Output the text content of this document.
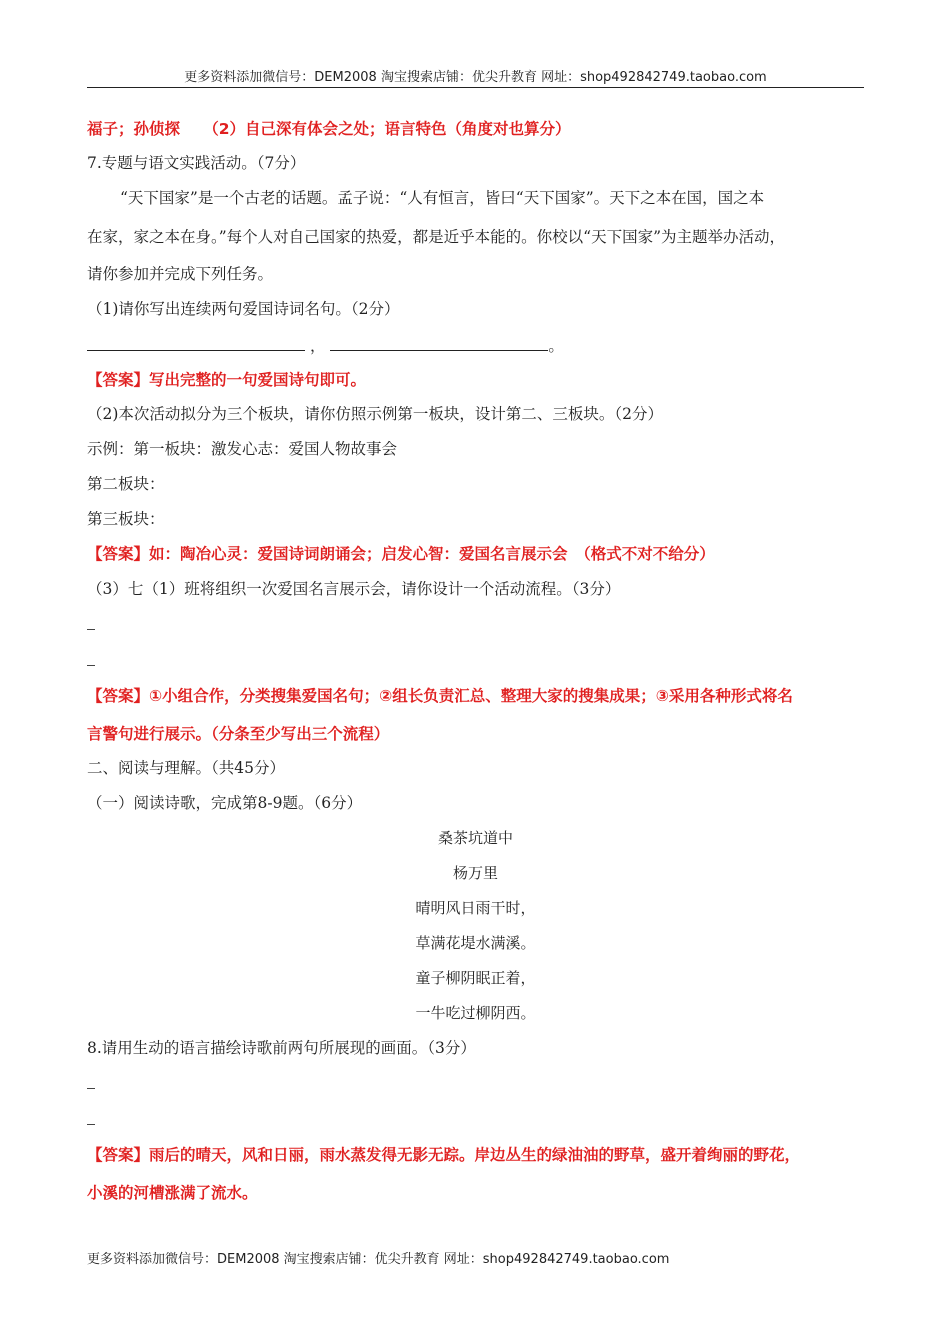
更多资料添加微信号：DEM2008 淘宝搜索店铺：优尖升教育 网址：shop492842749.taobao.com
福子；孙侦探　　（2）自己深有体会之处；语言特色（角度对也算分）
7.专题与语文实践活动。（7分）
“天下国家”是一个古老的话题。孟子说：“人有恒言，皆曰“天下国家”。天下之本在国，国之本
在家，家之本在身。”每个人对自己国家的热爱，都是近乎本能的。你校以“天下国家”为主题举办活动，
请你参加并完成下列任务。
（1)请你写出连续两句爱国诗词名句。（2分）
，	。
【答案】写出完整的一句爱国诗句即可。
（2)本次活动拟分为三个板块，请你仿照示例第一板块，设计第二、三板块。（2分）
示例：第一板块：激发心志：爱国人物故事会
第二板块：
第三板块：
【答案】如：陶冶心灵：爱国诗词朗诵会；启发心智：爱国名言展示会　（格式不对不给分）
（3）七（1）班将组织一次爱国名言展示会，请你设计一个活动流程。（3分）
【答案】①小组合作，分类搜集爱国名句；②组长负责汇总、整理大家的搜集成果；③采用各种形式将名
言警句进行展示。（分条至少写出三个流程）
二、阅读与理解。（共45分）
（一）阅读诗歌，完成第8-9题。（6分）
桑茶坑道中
杨万里
晴明风日雨干时，
草满花堤水满溪。
童子柳阴眠正着，
一牛吃过柳阴西。
8.请用生动的语言描绘诗歌前两句所展现的画面。（3分）
【答案】雨后的晴天，风和日丽，雨水蒸发得无影无踪。岸边丛生的绿油油的野草，盛开着绚丽的野花，
小溪的河槽涨满了流水。
更多资料添加微信号：DEM2008 淘宝搜索店铺：优尖升教育 网址：shop492842749.taobao.com
